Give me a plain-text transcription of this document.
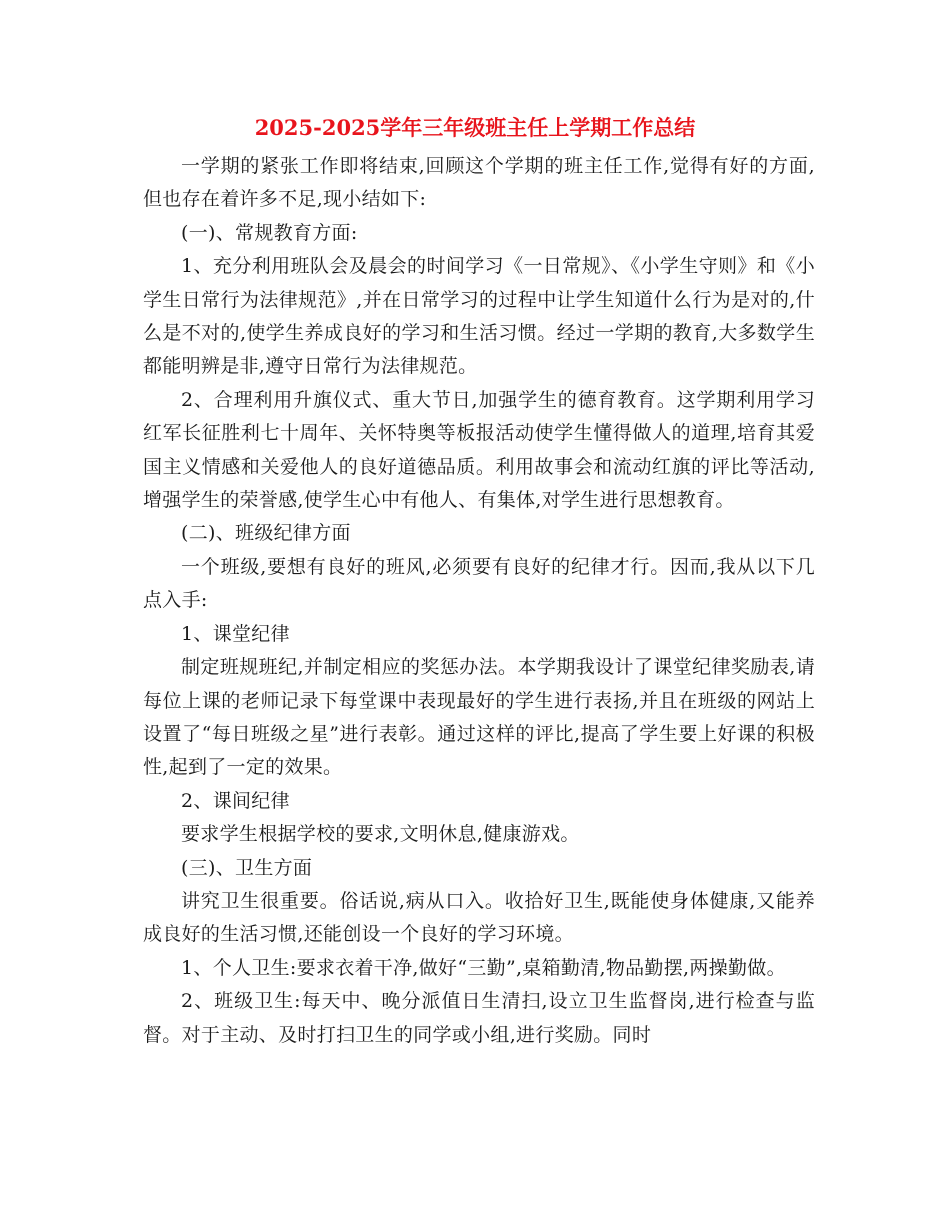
2025-2025学年三年级班主任上学期工作总结

一学期的紧张工作即将结束,回顾这个学期的班主任工作,觉得有好的方面,但也存在着许多不足,现小结如下:

(一)、常规教育方面:

1、充分利用班队会及晨会的时间学习《一日常规》、《小学生守则》和《小学生日常行为法律规范》,并在日常学习的过程中让学生知道什么行为是对的,什么是不对的,使学生养成良好的学习和生活习惯。经过一学期的教育,大多数学生都能明辨是非,遵守日常行为法律规范。

2、合理利用升旗仪式、重大节日,加强学生的德育教育。这学期利用学习红军长征胜利七十周年、关怀特奥等板报活动使学生懂得做人的道理,培育其爱国主义情感和关爱他人的良好道德品质。利用故事会和流动红旗的评比等活动,增强学生的荣誉感,使学生心中有他人、有集体,对学生进行思想教育。

(二)、班级纪律方面

一个班级,要想有良好的班风,必须要有良好的纪律才行。因而,我从以下几点入手:

1、课堂纪律

制定班规班纪,并制定相应的奖惩办法。本学期我设计了课堂纪律奖励表,请每位上课的老师记录下每堂课中表现最好的学生进行表扬,并且在班级的网站上设置了“每日班级之星”进行表彰。通过这样的评比,提高了学生要上好课的积极性,起到了一定的效果。

2、课间纪律

要求学生根据学校的要求,文明休息,健康游戏。

(三)、卫生方面

讲究卫生很重要。俗话说,病从口入。收拾好卫生,既能使身体健康,又能养成良好的生活习惯,还能创设一个良好的学习环境。

1、个人卫生:要求衣着干净,做好“三勤”,桌箱勤清,物品勤摆,两操勤做。

2、班级卫生:每天中、晚分派值日生清扫,设立卫生监督岗,进行检查与监督。对于主动、及时打扫卫生的同学或小组,进行奖励。同时
